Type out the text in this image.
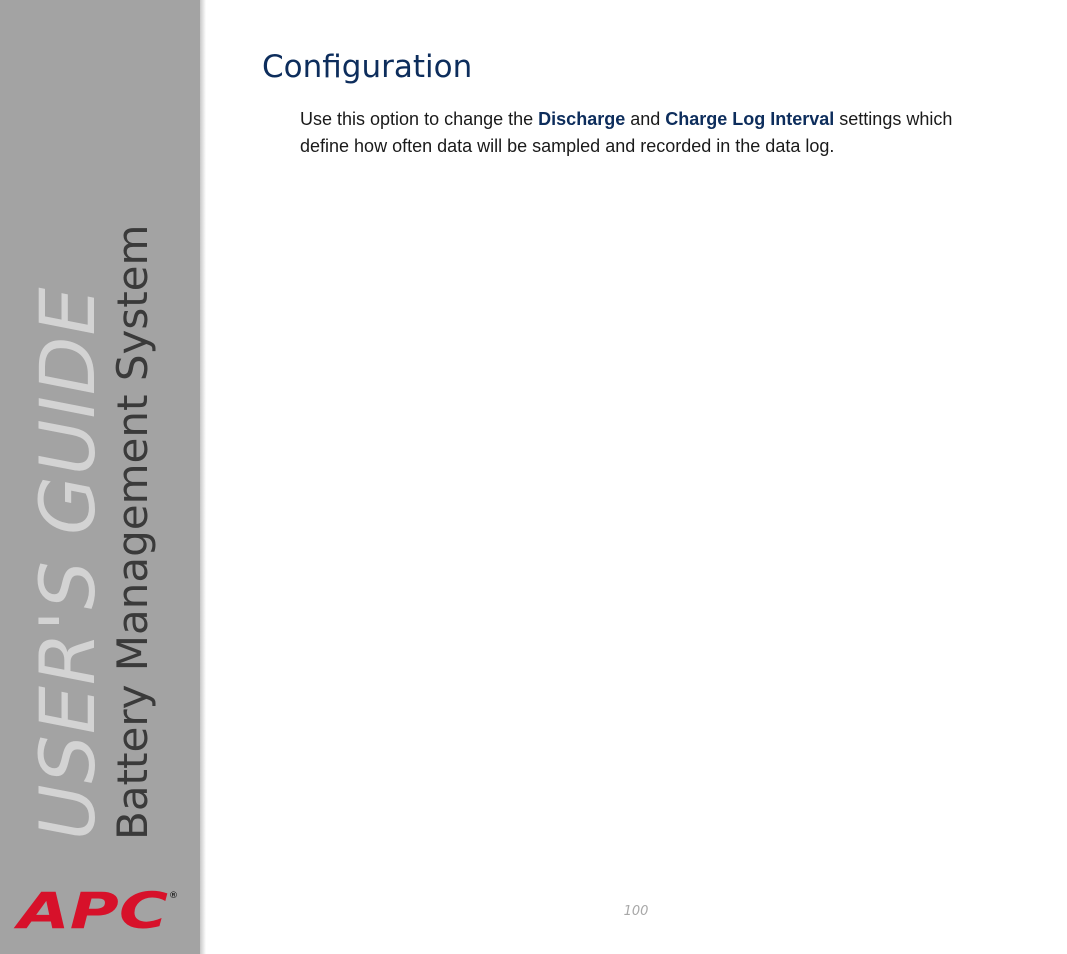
USER'S GUIDE
Battery Management System
APC ®
Configuration

Use this option to change the Discharge and Charge Log Interval settings which define how often data will be sampled and recorded in the data log.

100
